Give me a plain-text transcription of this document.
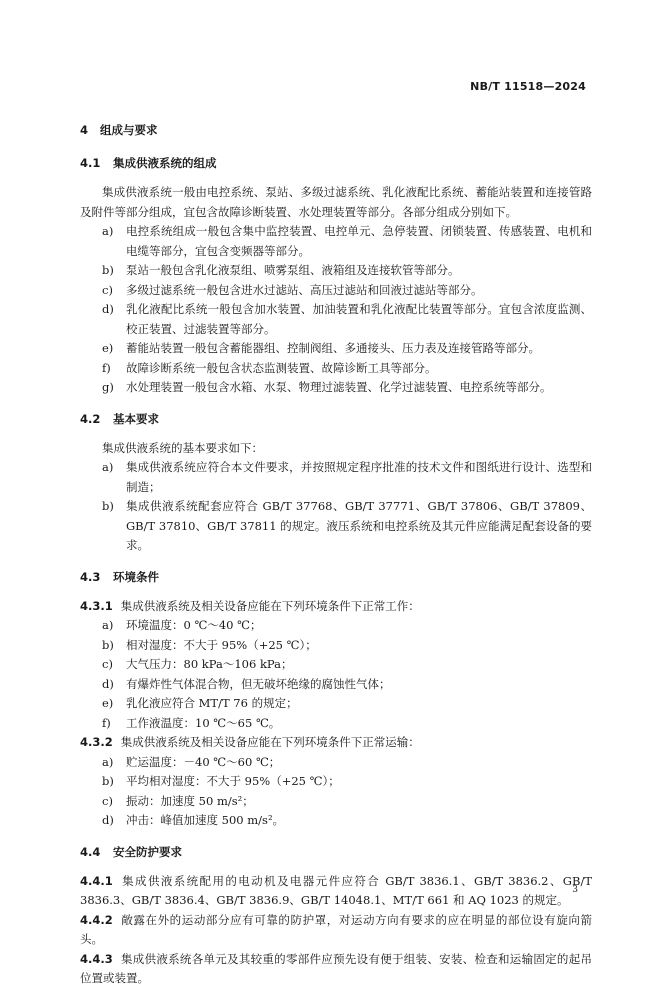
NB/T 11518—2024
4 组成与要求
4.1 集成供液系统的组成
集成供液系统一般由电控系统、泵站、多级过滤系统、乳化液配比系统、蓄能站装置和连接管路及附件等部分组成，宜包含故障诊断装置、水处理装置等部分。各部分组成分别如下。
a) 电控系统组成一般包含集中监控装置、电控单元、急停装置、闭锁装置、传感装置、电机和电缆等部分，宜包含变频器等部分。
b) 泵站一般包含乳化液泵组、喷雾泵组、液箱组及连接软管等部分。
c) 多级过滤系统一般包含进水过滤站、高压过滤站和回液过滤站等部分。
d) 乳化液配比系统一般包含加水装置、加油装置和乳化液配比装置等部分。宜包含浓度监测、校正装置、过滤装置等部分。
e) 蓄能站装置一般包含蓄能器组、控制阀组、多通接头、压力表及连接管路等部分。
f) 故障诊断系统一般包含状态监测装置、故障诊断工具等部分。
g) 水处理装置一般包含水箱、水泵、物理过滤装置、化学过滤装置、电控系统等部分。
4.2 基本要求
集成供液系统的基本要求如下：
a) 集成供液系统应符合本文件要求，并按照规定程序批准的技术文件和图纸进行设计、选型和制造；
b) 集成供液系统配套应符合 GB/T 37768、GB/T 37771、GB/T 37806、GB/T 37809、GB/T 37810、GB/T 37811 的规定。液压系统和电控系统及其元件应能满足配套设备的要求。
4.3 环境条件
4.3.1 集成供液系统及相关设备应能在下列环境条件下正常工作：
a) 环境温度：0 ℃～40 ℃；
b) 相对湿度：不大于 95%（+25 ℃）；
c) 大气压力：80 kPa～106 kPa；
d) 有爆炸性气体混合物，但无破坏绝缘的腐蚀性气体；
e) 乳化液应符合 MT/T 76 的规定；
f) 工作液温度：10 ℃～65 ℃。
4.3.2 集成供液系统及相关设备应能在下列环境条件下正常运输：
a) 贮运温度：－40 ℃～60 ℃；
b) 平均相对湿度：不大于 95%（+25 ℃）；
c) 振动：加速度 50 m/s²；
d) 冲击：峰值加速度 500 m/s²。
4.4 安全防护要求
4.4.1 集成供液系统配用的电动机及电器元件应符合 GB/T 3836.1、GB/T 3836.2、GB/T 3836.3、GB/T 3836.4、GB/T 3836.9、GB/T 14048.1、MT/T 661 和 AQ 1023 的规定。
4.4.2 敞露在外的运动部分应有可靠的防护罩，对运动方向有要求的应在明显的部位设有旋向箭头。
4.4.3 集成供液系统各单元及其较重的零部件应预先设有便于组装、安装、检查和运输固定的起吊位置或装置。
3
